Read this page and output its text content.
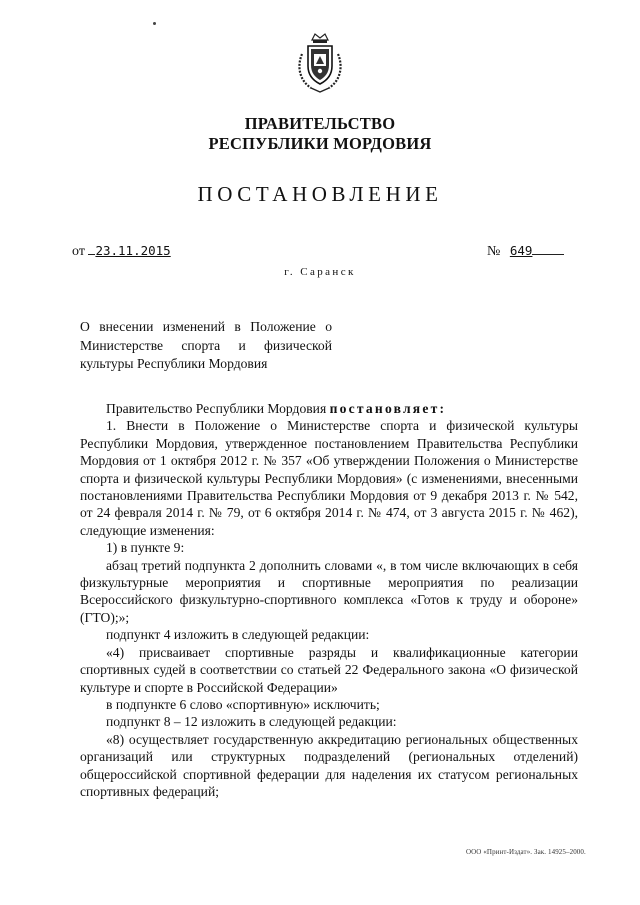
ПРАВИТЕЛЬСТВО
РЕСПУБЛИКИ МОРДОВИЯ
ПОСТАНОВЛЕНИЕ
от 23.11.2015	№ 649
г. Саранск
О внесении изменений в Положение о
Министерстве спорта и физической
культуры Республики Мордовия

Правительство Республики Мордовия постановляет:

1. Внести в Положение о Министерстве спорта и физической культуры Республики Мордовия, утвержденное постановлением Правительства Республики Мордовия от 1 октября 2012 г. № 357 «Об утверждении Положения о Министерстве спорта и физической культуры Республики Мордовия» (с изменениями, внесенными постановлениями Правительства Республики Мордовия от 9 декабря 2013 г. № 542, от 24 февраля 2014 г. № 79, от 6 октября 2014 г. № 474, от 3 августа 2015 г. № 462), следующие изменения:

1) в пункте 9:

абзац третий подпункта 2 дополнить словами «, в том числе включающих в себя физкультурные мероприятия и спортивные мероприятия по реализации Всероссийского физкультурно-спортивного комплекса «Готов к труду и обороне» (ГТО);»;

подпункт 4 изложить в следующей редакции:

«4) присваивает спортивные разряды и квалификационные категории спортивных судей в соответствии со статьей 22 Федерального закона «О физической культуре и спорте в Российской Федерации»

в подпункте 6 слово «спортивную» исключить;

подпункт 8 – 12 изложить в следующей редакции:

«8) осуществляет государственную аккредитацию региональных общественных организаций или структурных подразделений (региональных отделений) общероссийской спортивной федерации для наделения их статусом региональных спортивных федераций;

ООО «Принт-Издат». Зак. 14925–2000.
